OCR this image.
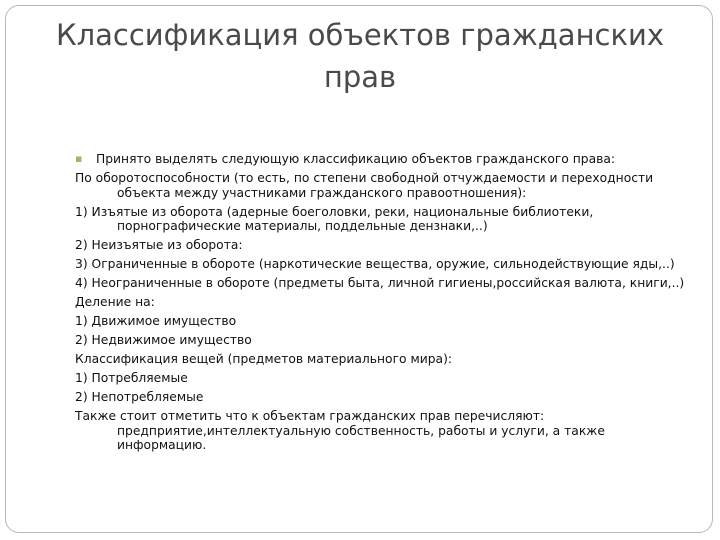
Классификация объектов гражданских прав
▪ Принято выделять следующую классификацию объектов гражданского права:
По оборотоспособности (то есть, по степени свободной отчуждаемости и переходности объекта между участниками гражданского правоотношения):
1) Изъятые из оборота (адерные боеголовки, реки, национальные библиотеки, порнографические материалы, поддельные дензнаки,..)
2) Неизъятые из оборота:
3) Ограниченные в обороте (наркотические вещества, оружие, сильнодействующие яды,..)
4) Неограниченные в обороте (предметы быта, личной гигиены,российская валюта, книги,..)
Деление на:
1) Движимое имущество
2) Недвижимое имущество
Классификация вещей (предметов материального мира):
1) Потребляемые
2) Непотребляемые
Также стоит отметить что к объектам гражданских прав перечисляют: предприятие,интеллектуальную собственность, работы и услуги, а также информацию.
